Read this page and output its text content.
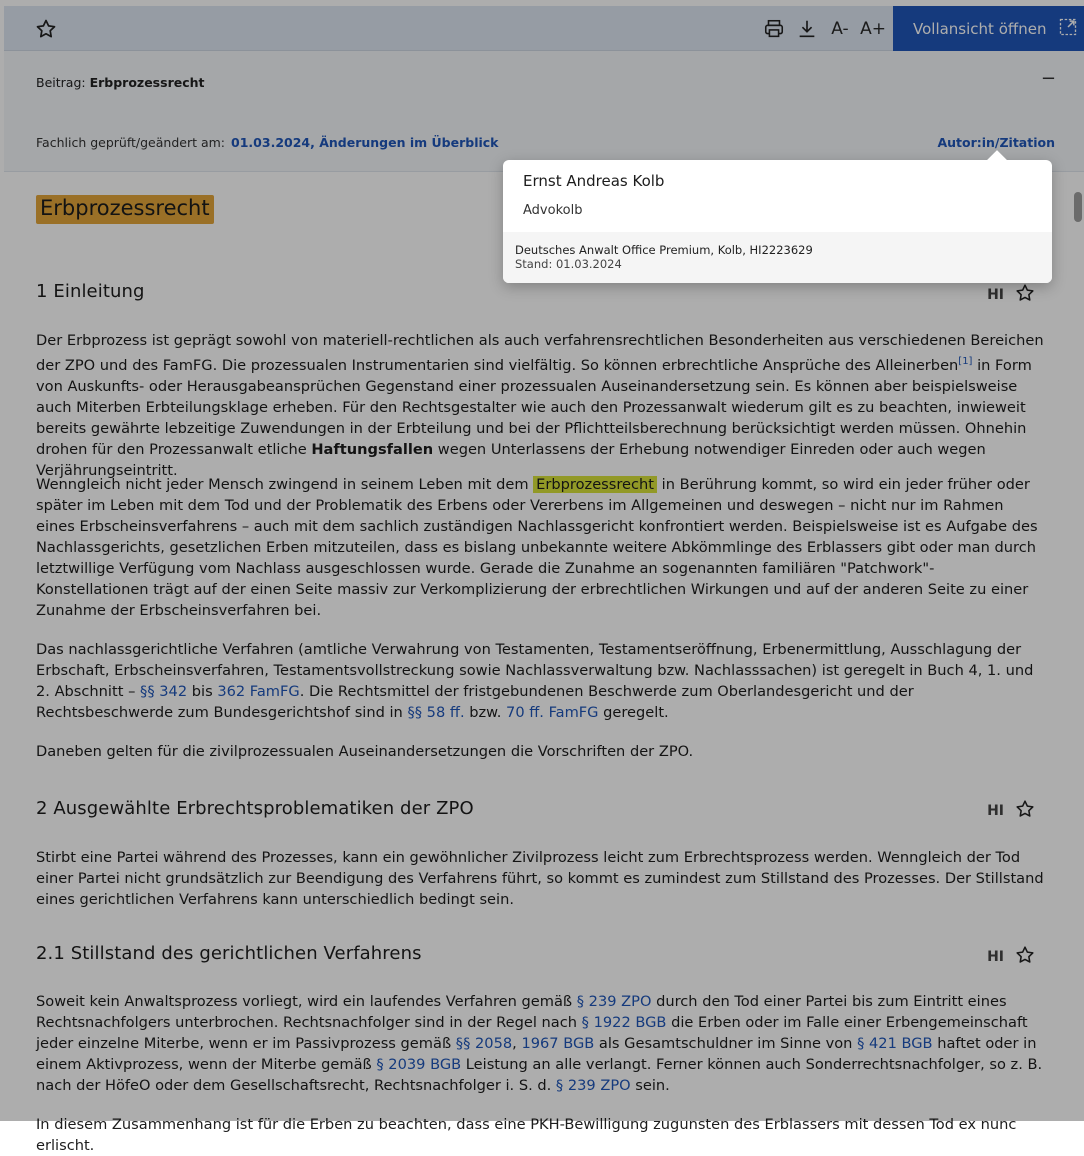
A- A+ Vollansicht öffnen
Beitrag: Erbprozessrecht	−
Fachlich geprüft/geändert am: 01.03.2024, Änderungen im Überblick	Autor:in/Zitation
Erbprozessrecht
1 Einleitung	HI

Der Erbprozess ist geprägt sowohl von materiell-rechtlichen als auch verfahrensrechtlichen Besonderheiten aus verschiedenen Bereichen der ZPO und des FamFG. Die prozessualen Instrumentarien sind vielfältig. So können erbrechtliche Ansprüche des Alleinerben[1] in Form von Auskunfts- oder Herausgabeansprüchen Gegenstand einer prozessualen Auseinandersetzung sein. Es können aber beispielsweise auch Miterben Erbteilungsklage erheben. Für den Rechtsgestalter wie auch den Prozessanwalt wiederum gilt es zu beachten, inwieweit bereits gewährte lebzeitige Zuwendungen in der Erbteilung und bei der Pflichtteilsberechnung berücksichtigt werden müssen. Ohnehin drohen für den Prozessanwalt etliche Haftungsfallen wegen Unterlassens der Erhebung notwendiger Einreden oder auch wegen Verjährungseintritt.

Wenngleich nicht jeder Mensch zwingend in seinem Leben mit dem Erbprozessrecht in Berührung kommt, so wird ein jeder früher oder später im Leben mit dem Tod und der Problematik des Erbens oder Vererbens im Allgemeinen und deswegen – nicht nur im Rahmen eines Erbscheinsverfahrens – auch mit dem sachlich zuständigen Nachlassgericht konfrontiert werden. Beispielsweise ist es Aufgabe des Nachlassgerichts, gesetzlichen Erben mitzuteilen, dass es bislang unbekannte weitere Abkömmlinge des Erblassers gibt oder man durch letztwillige Verfügung vom Nachlass ausgeschlossen wurde. Gerade die Zunahme an sogenannten familiären "Patchwork"-Konstellationen trägt auf der einen Seite massiv zur Verkomplizierung der erbrechtlichen Wirkungen und auf der anderen Seite zu einer Zunahme der Erbscheinsverfahren bei.

Das nachlassgerichtliche Verfahren (amtliche Verwahrung von Testamenten, Testamentseröffnung, Erbenermittlung, Ausschlagung der Erbschaft, Erbscheinsverfahren, Testamentsvollstreckung sowie Nachlassverwaltung bzw. Nachlasssachen) ist geregelt in Buch 4, 1. und 2. Abschnitt – §§ 342 bis 362 FamFG. Die Rechtsmittel der fristgebundenen Beschwerde zum Oberlandesgericht und der Rechtsbeschwerde zum Bundesgerichtshof sind in §§ 58 ff. bzw. 70 ff. FamFG geregelt.

Daneben gelten für die zivilprozessualen Auseinandersetzungen die Vorschriften der ZPO.

2 Ausgewählte Erbrechtsproblematiken der ZPO	HI

Stirbt eine Partei während des Prozesses, kann ein gewöhnlicher Zivilprozess leicht zum Erbrechtsprozess werden. Wenngleich der Tod einer Partei nicht grundsätzlich zur Beendigung des Verfahrens führt, so kommt es zumindest zum Stillstand des Prozesses. Der Stillstand eines gerichtlichen Verfahrens kann unterschiedlich bedingt sein.

2.1 Stillstand des gerichtlichen Verfahrens	HI

Soweit kein Anwaltsprozess vorliegt, wird ein laufendes Verfahren gemäß § 239 ZPO durch den Tod einer Partei bis zum Eintritt eines Rechtsnachfolgers unterbrochen. Rechtsnachfolger sind in der Regel nach § 1922 BGB die Erben oder im Falle einer Erbengemeinschaft jeder einzelne Miterbe, wenn er im Passivprozess gemäß §§ 2058, 1967 BGB als Gesamtschuldner im Sinne von § 421 BGB haftet oder in einem Aktivprozess, wenn der Miterbe gemäß § 2039 BGB Leistung an alle verlangt. Ferner können auch Sonderrechtsnachfolger, so z. B. nach der HöfeO oder dem Gesellschaftsrecht, Rechtsnachfolger i. S. d. § 239 ZPO sein.

In diesem Zusammenhang ist für die Erben zu beachten, dass eine PKH-Bewilligung zugunsten des Erblassers mit dessen Tod ex nunc erlischt.

Ernst Andreas Kolb
Advokolb
Deutsches Anwalt Office Premium, Kolb, HI2223629
Stand: 01.03.2024
